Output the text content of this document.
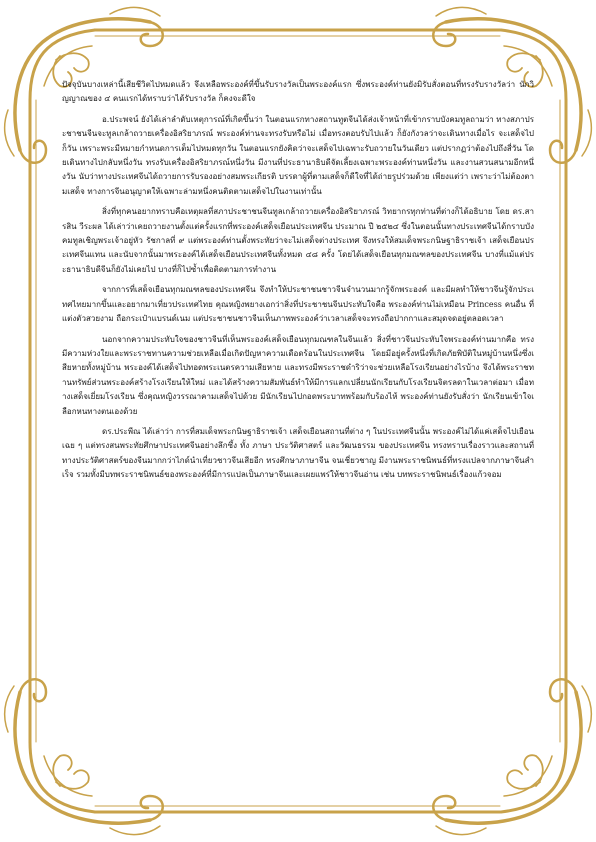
ปัจจุบันบางเหล่านี้เสียชีวิตไปหมดแล้ว จึงเหลือพระองค์ที่ขึ้นรับรางวัลเป็นพระองค์แรก ซึ่งพระองค์ท่านยังมิรับสั่งตอนที่ทรงรับรางวัลว่า นักวิญญาณของ ๔ คนแรกได้ทราบว่าได้รับรางวัล ก็คงจะดีใจ

อ.ประพจน์ ยังได้เล่าลำดับเหตุการณ์ที่เกิดขึ้นว่า ในตอนแรกทางสถานทูตจีนได้ส่งเจ้าหน้าที่เข้ากราบบังคมทูลถามว่า ทางสภาประชาชนจีนจะทูลเกล้าถวายเครื่องอิสริยาภรณ์ พระองค์ท่านจะทรงรับหรือไม่ เมื่อทรงตอบรับไปแล้ว ก็ยังกังวลว่าจะเดินทางเมื่อไร จะเสด็จไปก็วัน เพราะพระมีหมายกำหนดการเต็มไปหมดทุกวัน ในตอนแรกยังคิดว่าจะเสด็จไปเฉพาะรับถวายในวันเดียว แต่ปรากฏว่าต้องไปถึงสี่วัน โดยเดินทางไปกลับหนึ่งวัน ทรงรับเครื่องอิสริยาภรณ์หนึ่งวัน มีงานที่ประธานาธิบดีจัดเลี้ยงเฉพาะพระองค์ท่านหนึ่งวัน และงานสวนสนามอีกหนึ่งวัน นับว่าทางประเทศจีนได้ถวายการรับรองอย่างสมพระเกียรติ บรรดาผู้ที่ตามเสด็จก็ดีใจที่ได้ถ่ายรูปร่วมด้วย เพียงแต่ว่า เพราะว่าไม่ต้องตามเสด็จ ทางการจีนอนุญาตให้เฉพาะล่ามหนึ่งคนติดตามเสด็จไปในงานเท่านั้น

สิ่งที่ทุกคนอยากทราบคือเหตุผลที่สภาประชาชนจีนทูลเกล้าถวายเครื่องอิสริยาภรณ์ วิทยากรทุกท่านที่ต่างก็ได้อธิบาย โดย ดร.สารสิน วีระผล ได้เล่าว่าเคยถวายงานตั้งแต่ครั้งแรกที่พระองค์เสด็จเยือนประเทศจีน ประมาณ ปี ๒๕๒๔ ซึ่งในตอนนั้นทางประเทศจีนได้กราบบังคมทูลเชิญพระเจ้าอยู่หัว รัชกาลที่ ๙ แต่พระองค์ท่านตั้งพระทัยว่าจะไม่เสด็จต่างประเทศ จึงทรงให้สมเด็จพระกนิษฐาธิราชเจ้า เสด็จเยือนประเทศจีนแทน และนับจากนั้นมาพระองค์ได้เสด็จเยือนประเทศจีนทั้งหมด ๔๘ ครั้ง โดยได้เสด็จเยือนทุกมณฑลของประเทศจีน บางที่แม้แต่ประธานาธิบดีจีนก็ยังไม่เคยไป บางที่ก็ไปซ้ำเพื่อติดตามการทำงาน

จากการที่เสด็จเยือนทุกมณฑลของประเทศจีน จึงทำให้ประชาชนชาวจีนจำนวนมากรู้จักพระองค์ และมีผลทำให้ชาวจีนรู้จักประเทศไทยมากขึ้นและอยากมาเที่ยวประเทศไทย คุณหญิงพยางเอกว่าสิ่งที่ประชาชนจีนประทับใจคือ พระองค์ท่านไม่เหมือน Princess คนอื่น ที่แต่งตัวสวยงาม ถือกระเป๋าแบรนด์เนม แต่ประชาชนชาวจีนเห็นภาพพระองค์ว่าเวลาเสด็จจะทรงถือปากกาและสมุดจดอยู่ตลอดเวลา

นอกจากความประทับใจของชาวจีนที่เห็นพระองค์เสด็จเยือนทุกมณฑลในจีนแล้ว สิ่งที่ชาวจีนประทับใจพระองค์ท่านมากคือ ทรงมีความห่วงใยและพระราชทานความช่วยเหลือเมื่อเกิดปัญหาความเดือดร้อนในประเทศจีน โดยมีอยู่ครั้งหนึ่งที่เกิดภัยพิบัติในหมู่บ้านหนึ่งซึ่งเสียหายทั้งหมู่บ้าน พระองค์ได้เสด็จไปทอดพระเนตรความเสียหาย และทรงมีพระราชดำริว่าจะช่วยเหลือโรงเรียนอย่างไรบ้าง จึงได้พระราชทานทรัพย์ส่วนพระองค์สร้างโรงเรียนให้ใหม่ และได้สร้างความสัมพันธ์ทำให้มีการแลกเปลี่ยนนักเรียนกับโรงเรียนจิตรลดาในเวลาต่อมา เมื่อทางเสด็จเยี่ยมโรงเรียน ซึ่งคุณหญิงวรรณาคามเสด็จไปด้วย มีนักเรียนไปกอดพระบาทพร้อมกับร้องไห้ พระองค์ท่านยังรับสั่งว่า นักเรียนเข้าใจเลือกหนทางตนเองด้วย

ดร.ประพีณ ได้เล่าว่า การที่สมเด็จพระกนิษฐาธิราชเจ้า เสด็จเยือนสถานที่ต่าง ๆ ในประเทศจีนนั้น พระองค์ไม่ได้แค่เสด็จไปเยือนเฉย ๆ แต่ทรงสนพระทัยศึกษาประเทศจีนอย่างลึกซึ้ง ทั้ง ภาษา ประวัติศาสตร์ และวัฒนธรรม ของประเทศจีน ทรงทราบเรื่องราวและสถานที่ทางประวัติศาสตร์ของจีนมากกว่าไกด์นำเที่ยวชาวจีนเสียอีก ทรงศึกษาภาษาจีน จนเชี่ยวชาญ มีงานพระราชนิพนธ์ที่ทรงแปลจากภาษาจีนสำเร็จ รวมทั้งมีบทพระราชนิพนธ์ของพระองค์ที่มีการแปลเป็นภาษาจีนและเผยแพร่ให้ชาวจีนอ่าน เช่น บทพระราชนิพนธ์เรื่องแก้วจอม
